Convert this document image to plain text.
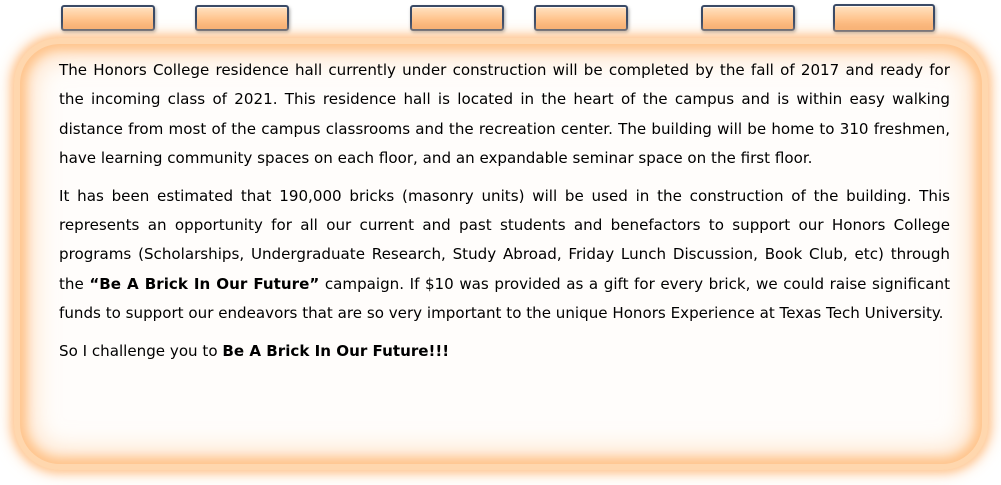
The Honors College residence hall currently under construction will be completed by the fall of 2017 and ready for the incoming class of 2021. This residence hall is located in the heart of the campus and is within easy walking distance from most of the campus classrooms and the recreation center. The building will be home to 310 freshmen, have learning community spaces on each floor, and an expandable seminar space on the first floor.

It has been estimated that 190,000 bricks (masonry units) will be used in the construction of the building. This represents an opportunity for all our current and past students and benefactors to support our Honors College programs (Scholarships, Undergraduate Research, Study Abroad, Friday Lunch Discussion, Book Club, etc) through the “Be A Brick In Our Future” campaign. If $10 was provided as a gift for every brick, we could raise significant funds to support our endeavors that are so very important to the unique Honors Experience at Texas Tech University.

So I challenge you to Be A Brick In Our Future!!!
